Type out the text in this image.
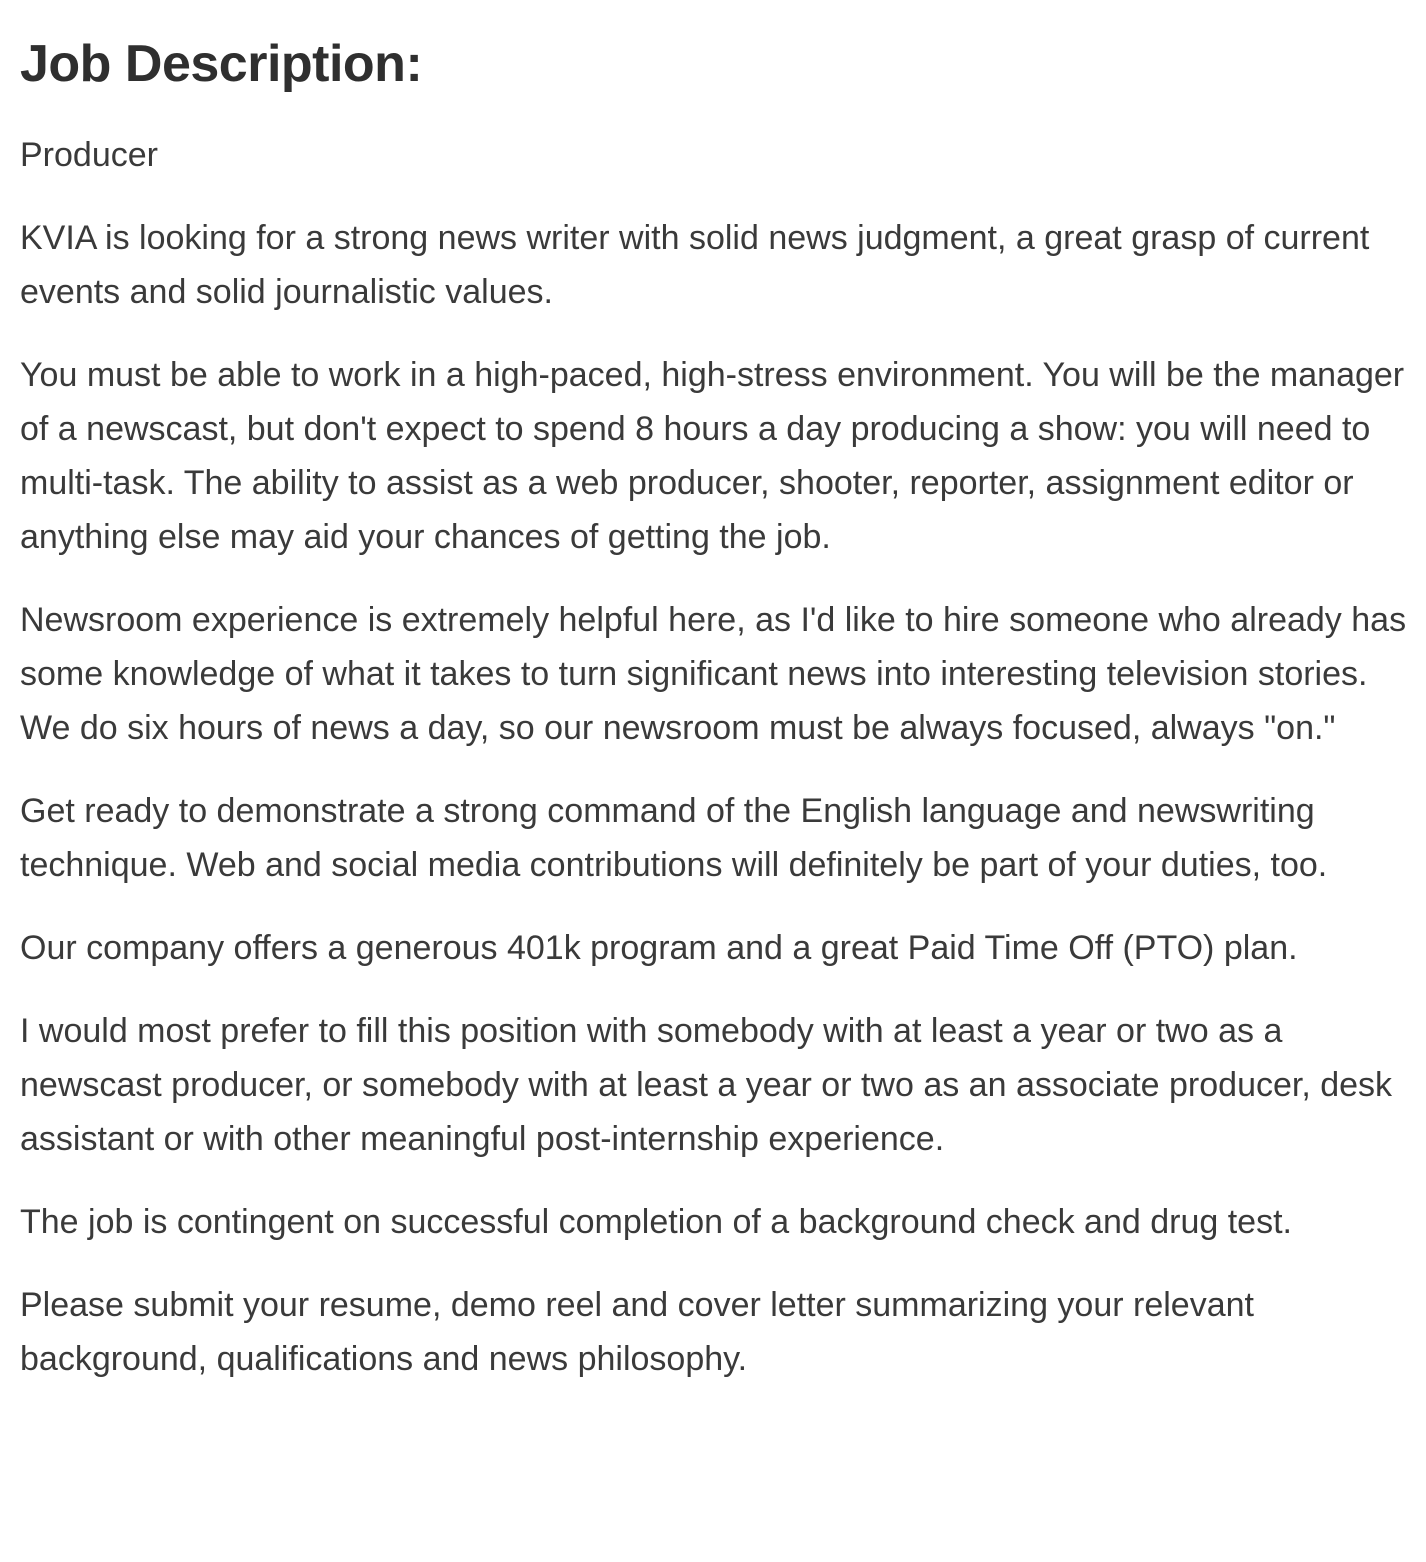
Job Description:

Producer

KVIA is looking for a strong news writer with solid news judgment, a great grasp of current events and solid journalistic values.

You must be able to work in a high-paced, high-stress environment. You will be the manager of a newscast, but don't expect to spend 8 hours a day producing a show: you will need to multi-task. The ability to assist as a web producer, shooter, reporter, assignment editor or anything else may aid your chances of getting the job.

Newsroom experience is extremely helpful here, as I'd like to hire someone who already has some knowledge of what it takes to turn significant news into interesting television stories. We do six hours of news a day, so our newsroom must be always focused, always "on."

Get ready to demonstrate a strong command of the English language and newswriting technique. Web and social media contributions will definitely be part of your duties, too.

Our company offers a generous 401k program and a great Paid Time Off (PTO) plan.

I would most prefer to fill this position with somebody with at least a year or two as a newscast producer, or somebody with at least a year or two as an associate producer, desk assistant or with other meaningful post-internship experience.

The job is contingent on successful completion of a background check and drug test.

Please submit your resume, demo reel and cover letter summarizing your relevant background, qualifications and news philosophy.
